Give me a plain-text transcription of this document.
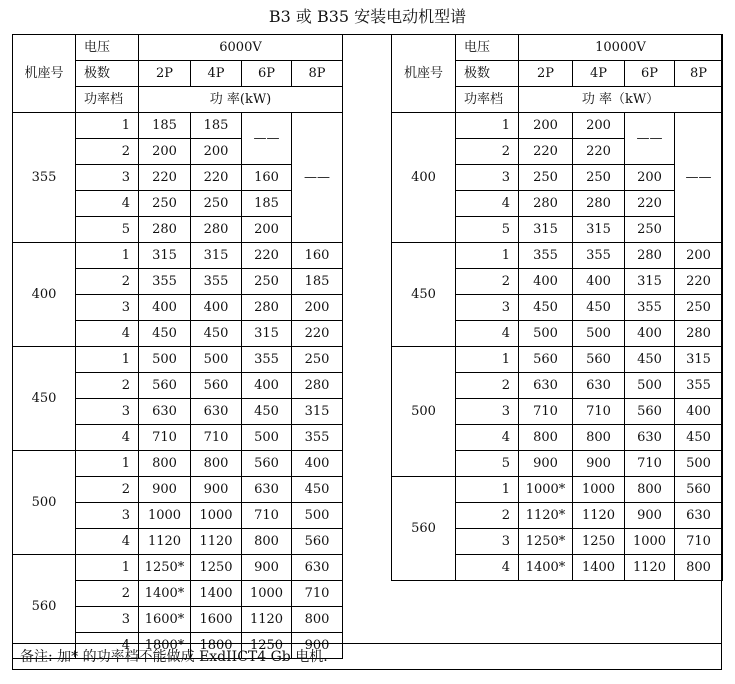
B3 或 B35 安装电动机型谱
机座号	电压	6000V			
	极数	2P	4P	6P	8P
	功率档	功 率(kW)			
355	1	185	185	——	——
	2	200	200		
	3	220	220	160	
	4	250	250	185	
	5	280	280	200	
400	1	315	315	220	160
	2	355	355	250	185
	3	400	400	280	200
	4	450	450	315	220
450	1	500	500	355	250
	2	560	560	400	280
	3	630	630	450	315
	4	710	710	500	355
500	1	800	800	560	400
	2	900	900	630	450
	3	1000	1000	710	500
	4	1120	1120	800	560
560	1	1250*	1250	900	630
	2	1400*	1400	1000	710
	3	1600*	1600	1120	800
	4	1800*	1800	1250	900
机座号	电压	10000V			
	极数	2P	4P	6P	8P
	功率档	功 率（kW）			
400	1	200	200	——	——
	2	220	220		
	3	250	250	200	
	4	280	280	220	
	5	315	315	250	
450	1	355	355	280	200
	2	400	400	315	220
	3	450	450	355	250
	4	500	500	400	280
500	1	560	560	450	315
	2	630	630	500	355
	3	710	710	560	400
	4	800	800	630	450
	5	900	900	710	500
560	1	1000*	1000	800	560
	2	1120*	1120	900	630
	3	1250*	1250	1000	710
	4	1400*	1400	1120	800
备注: 加* 的功率档不能做成 ExdIICT4 Gb 电机.
